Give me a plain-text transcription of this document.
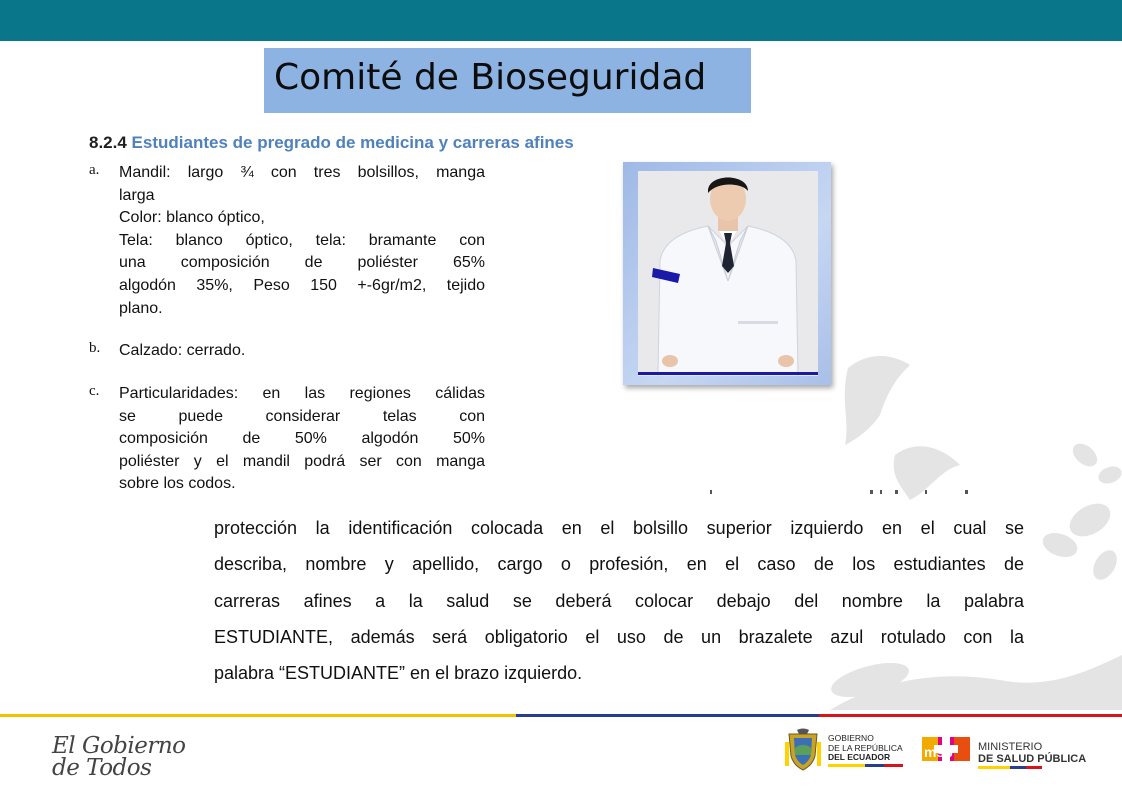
Comité de Bioseguridad
8.2.4 Estudiantes de pregrado de medicina y carreras afines
a. Mandil: largo ¾ con tres bolsillos, manga
larga
Color: blanco óptico,
Tela: blanco óptico, tela: bramante con
una composición de poliéster 65%
algodón 35%, Peso 150 +-6gr/m2, tejido
plano.
b. Calzado: cerrado.
c. Particularidades: en las regiones cálidas
se puede considerar telas con
composición de 50% algodón 50%
poliéster y el mandil podrá ser con manga
sobre los codos.
protección la identificación colocada en el bolsillo superior izquierdo en el cual se
describa, nombre y apellido, cargo o profesión, en el caso de los estudiantes de
carreras afines a la salud se deberá colocar debajo del nombre la palabra
ESTUDIANTE, además será obligatorio el uso de un brazalete azul rotulado con la
palabra “ESTUDIANTE” en el brazo izquierdo.
El Gobierno
de Todos
GOBIERNO
DE LA REPÚBLICA
DEL ECUADOR	msp MINISTERIO
DE SALUD PÚBLICA
